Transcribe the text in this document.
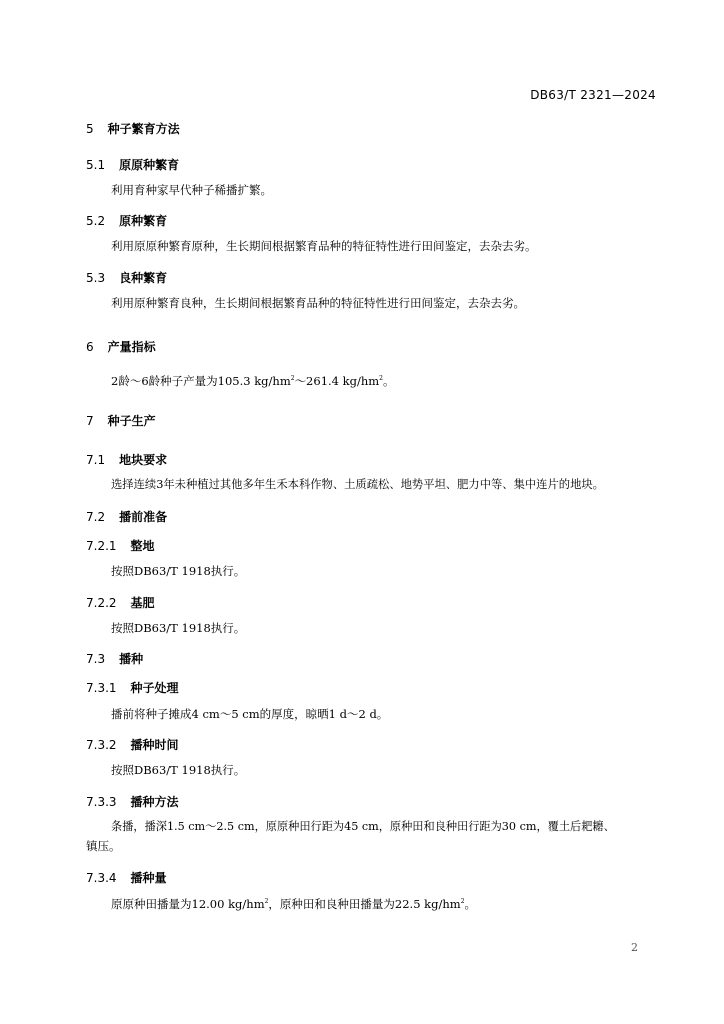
DB63/T 2321—2024
5 种子繁育方法
5.1 原原种繁育
利用育种家早代种子稀播扩繁。
5.2 原种繁育
利用原原种繁育原种，生长期间根据繁育品种的特征特性进行田间鉴定，去杂去劣。
5.3 良种繁育
利用原种繁育良种，生长期间根据繁育品种的特征特性进行田间鉴定，去杂去劣。
6 产量指标
2龄～6龄种子产量为105.3 $kg/hm^2\sim 261.4$ $kg/hm^2$。
7 种子生产
7.1 地块要求
选择连续3年未种植过其他多年生禾本科作物、土质疏松、地势平坦、肥力中等、集中连片的地块。
7.2 播前准备
7.2.1 整地
按照DB63/T 1918执行。
7.2.2 基肥
按照DB63/T 1918执行。
7.3 播种
7.3.1 种子处理
播前将种子摊成4 cm～5 cm的厚度，晾晒1 d～2 d。
7.3.2 播种时间
按照DB63/T 1918执行。
7.3.3 播种方法
条播，播深1.5 cm～2.5 cm，原原种田行距为45 cm，原种田和良种田行距为30 cm，覆土后耙耱、
镇压。
7.3.4 播种量
原原种田播量为12.00 $kg/hm^2$，原种田和良种田播量为22.5 $kg/hm^2$。
2
